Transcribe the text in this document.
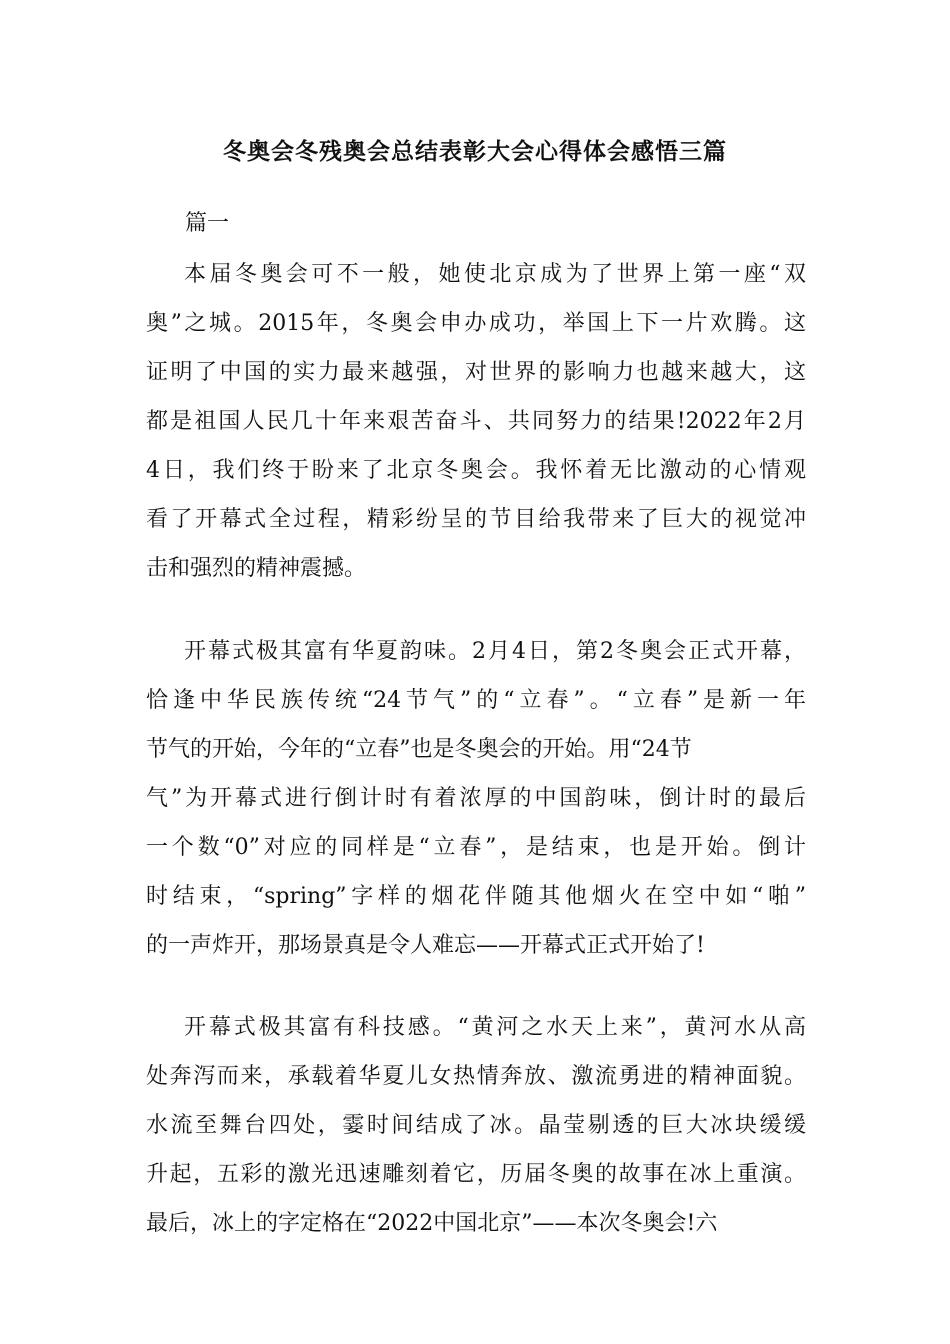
冬奥会冬残奥会总结表彰大会心得体会感悟三篇
篇一
本届冬奥会可不一般，她使北京成为了世界上第一座“双
奥”之城。2015年，冬奥会申办成功，举国上下一片欢腾。这
证明了中国的实力最来越强，对世界的影响力也越来越大，这
都是祖国人民几十年来艰苦奋斗、共同努力的结果!2022年2月
4日，我们终于盼来了北京冬奥会。我怀着无比激动的心情观
看了开幕式全过程，精彩纷呈的节目给我带来了巨大的视觉冲
击和强烈的精神震撼。
开幕式极其富有华夏韵味。2月4日，第2冬奥会正式开幕，
恰逢中华民族传统“24节气”的“立春”。“立春”是新一年
节气的开始，今年的“立春”也是冬奥会的开始。用“24节
气”为开幕式进行倒计时有着浓厚的中国韵味，倒计时的最后
一个数“0”对应的同样是“立春”，是结束，也是开始。倒计
时结束，“spring”字样的烟花伴随其他烟火在空中如“啪”
的一声炸开，那场景真是令人难忘——开幕式正式开始了!
开幕式极其富有科技感。“黄河之水天上来”，黄河水从高
处奔泻而来，承载着华夏儿女热情奔放、激流勇进的精神面貌。
水流至舞台四处，霎时间结成了冰。晶莹剔透的巨大冰块缓缓
升起，五彩的激光迅速雕刻着它，历届冬奥的故事在冰上重演。
最后，冰上的字定格在“2022中国北京”——本次冬奥会!六
